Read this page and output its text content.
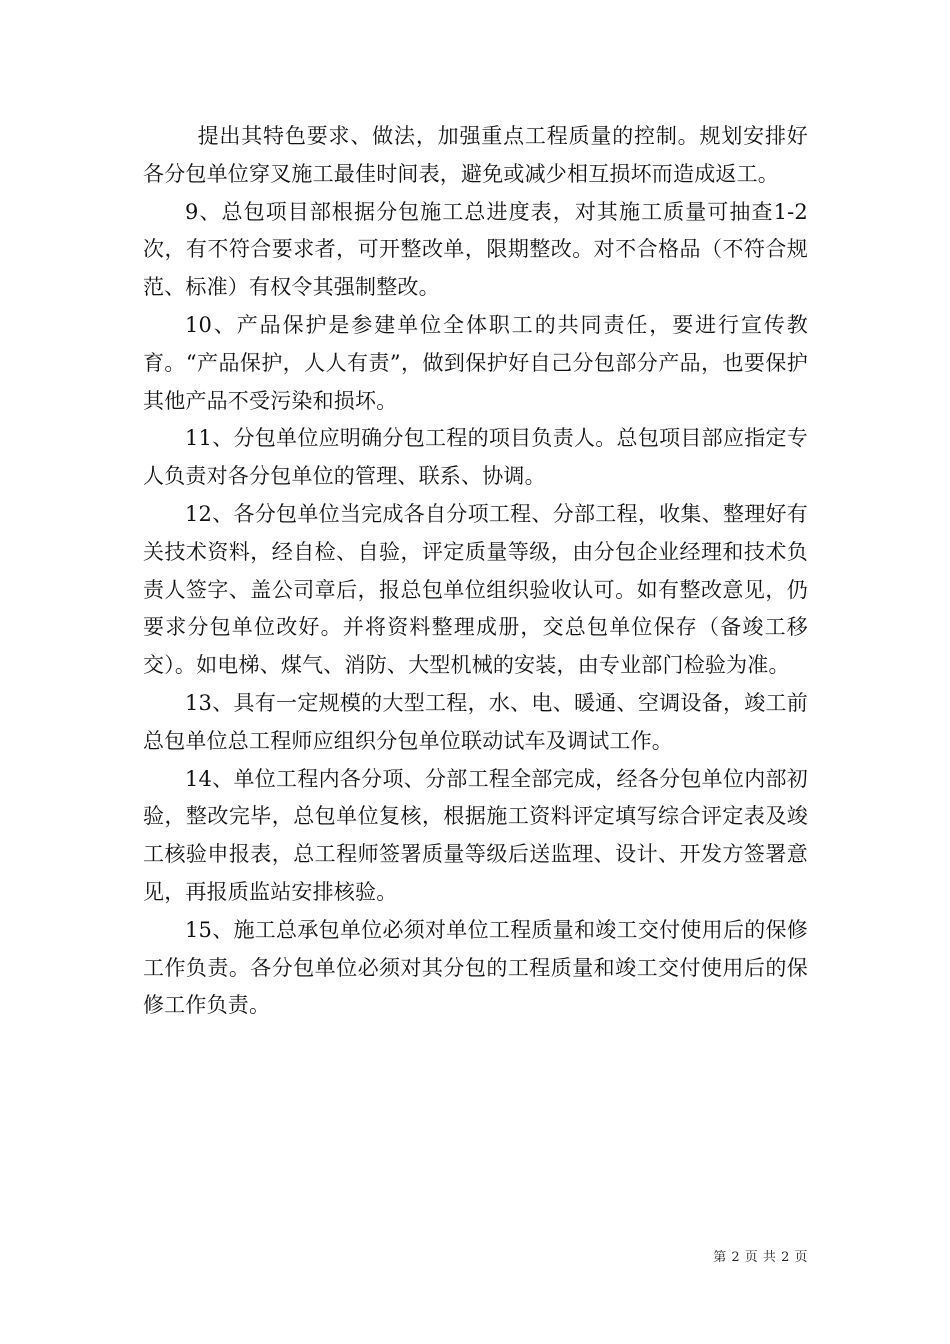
提出其特色要求、做法，加强重点工程质量的控制。规划安排好各分包单位穿叉施工最佳时间表，避免或减少相互损坏而造成返工。

9、总包项目部根据分包施工总进度表，对其施工质量可抽查1-2次，有不符合要求者，可开整改单，限期整改。对不合格品（不符合规范、标准）有权令其强制整改。

10、产品保护是参建单位全体职工的共同责任，要进行宣传教育。“产品保护，人人有责”，做到保护好自己分包部分产品，也要保护其他产品不受污染和损坏。

11、分包单位应明确分包工程的项目负责人。总包项目部应指定专人负责对各分包单位的管理、联系、协调。

12、各分包单位当完成各自分项工程、分部工程，收集、整理好有关技术资料，经自检、自验，评定质量等级，由分包企业经理和技术负责人签字、盖公司章后，报总包单位组织验收认可。如有整改意见，仍要求分包单位改好。并将资料整理成册，交总包单位保存（备竣工移交）。如电梯、煤气、消防、大型机械的安装，由专业部门检验为准。

13、具有一定规模的大型工程，水、电、暖通、空调设备，竣工前总包单位总工程师应组织分包单位联动试车及调试工作。

14、单位工程内各分项、分部工程全部完成，经各分包单位内部初验，整改完毕，总包单位复核，根据施工资料评定填写综合评定表及竣工核验申报表，总工程师签署质量等级后送监理、设计、开发方签署意见，再报质监站安排核验。

15、施工总承包单位必须对单位工程质量和竣工交付使用后的保修工作负责。各分包单位必须对其分包的工程质量和竣工交付使用后的保修工作负责。

第 2 页 共 2 页
